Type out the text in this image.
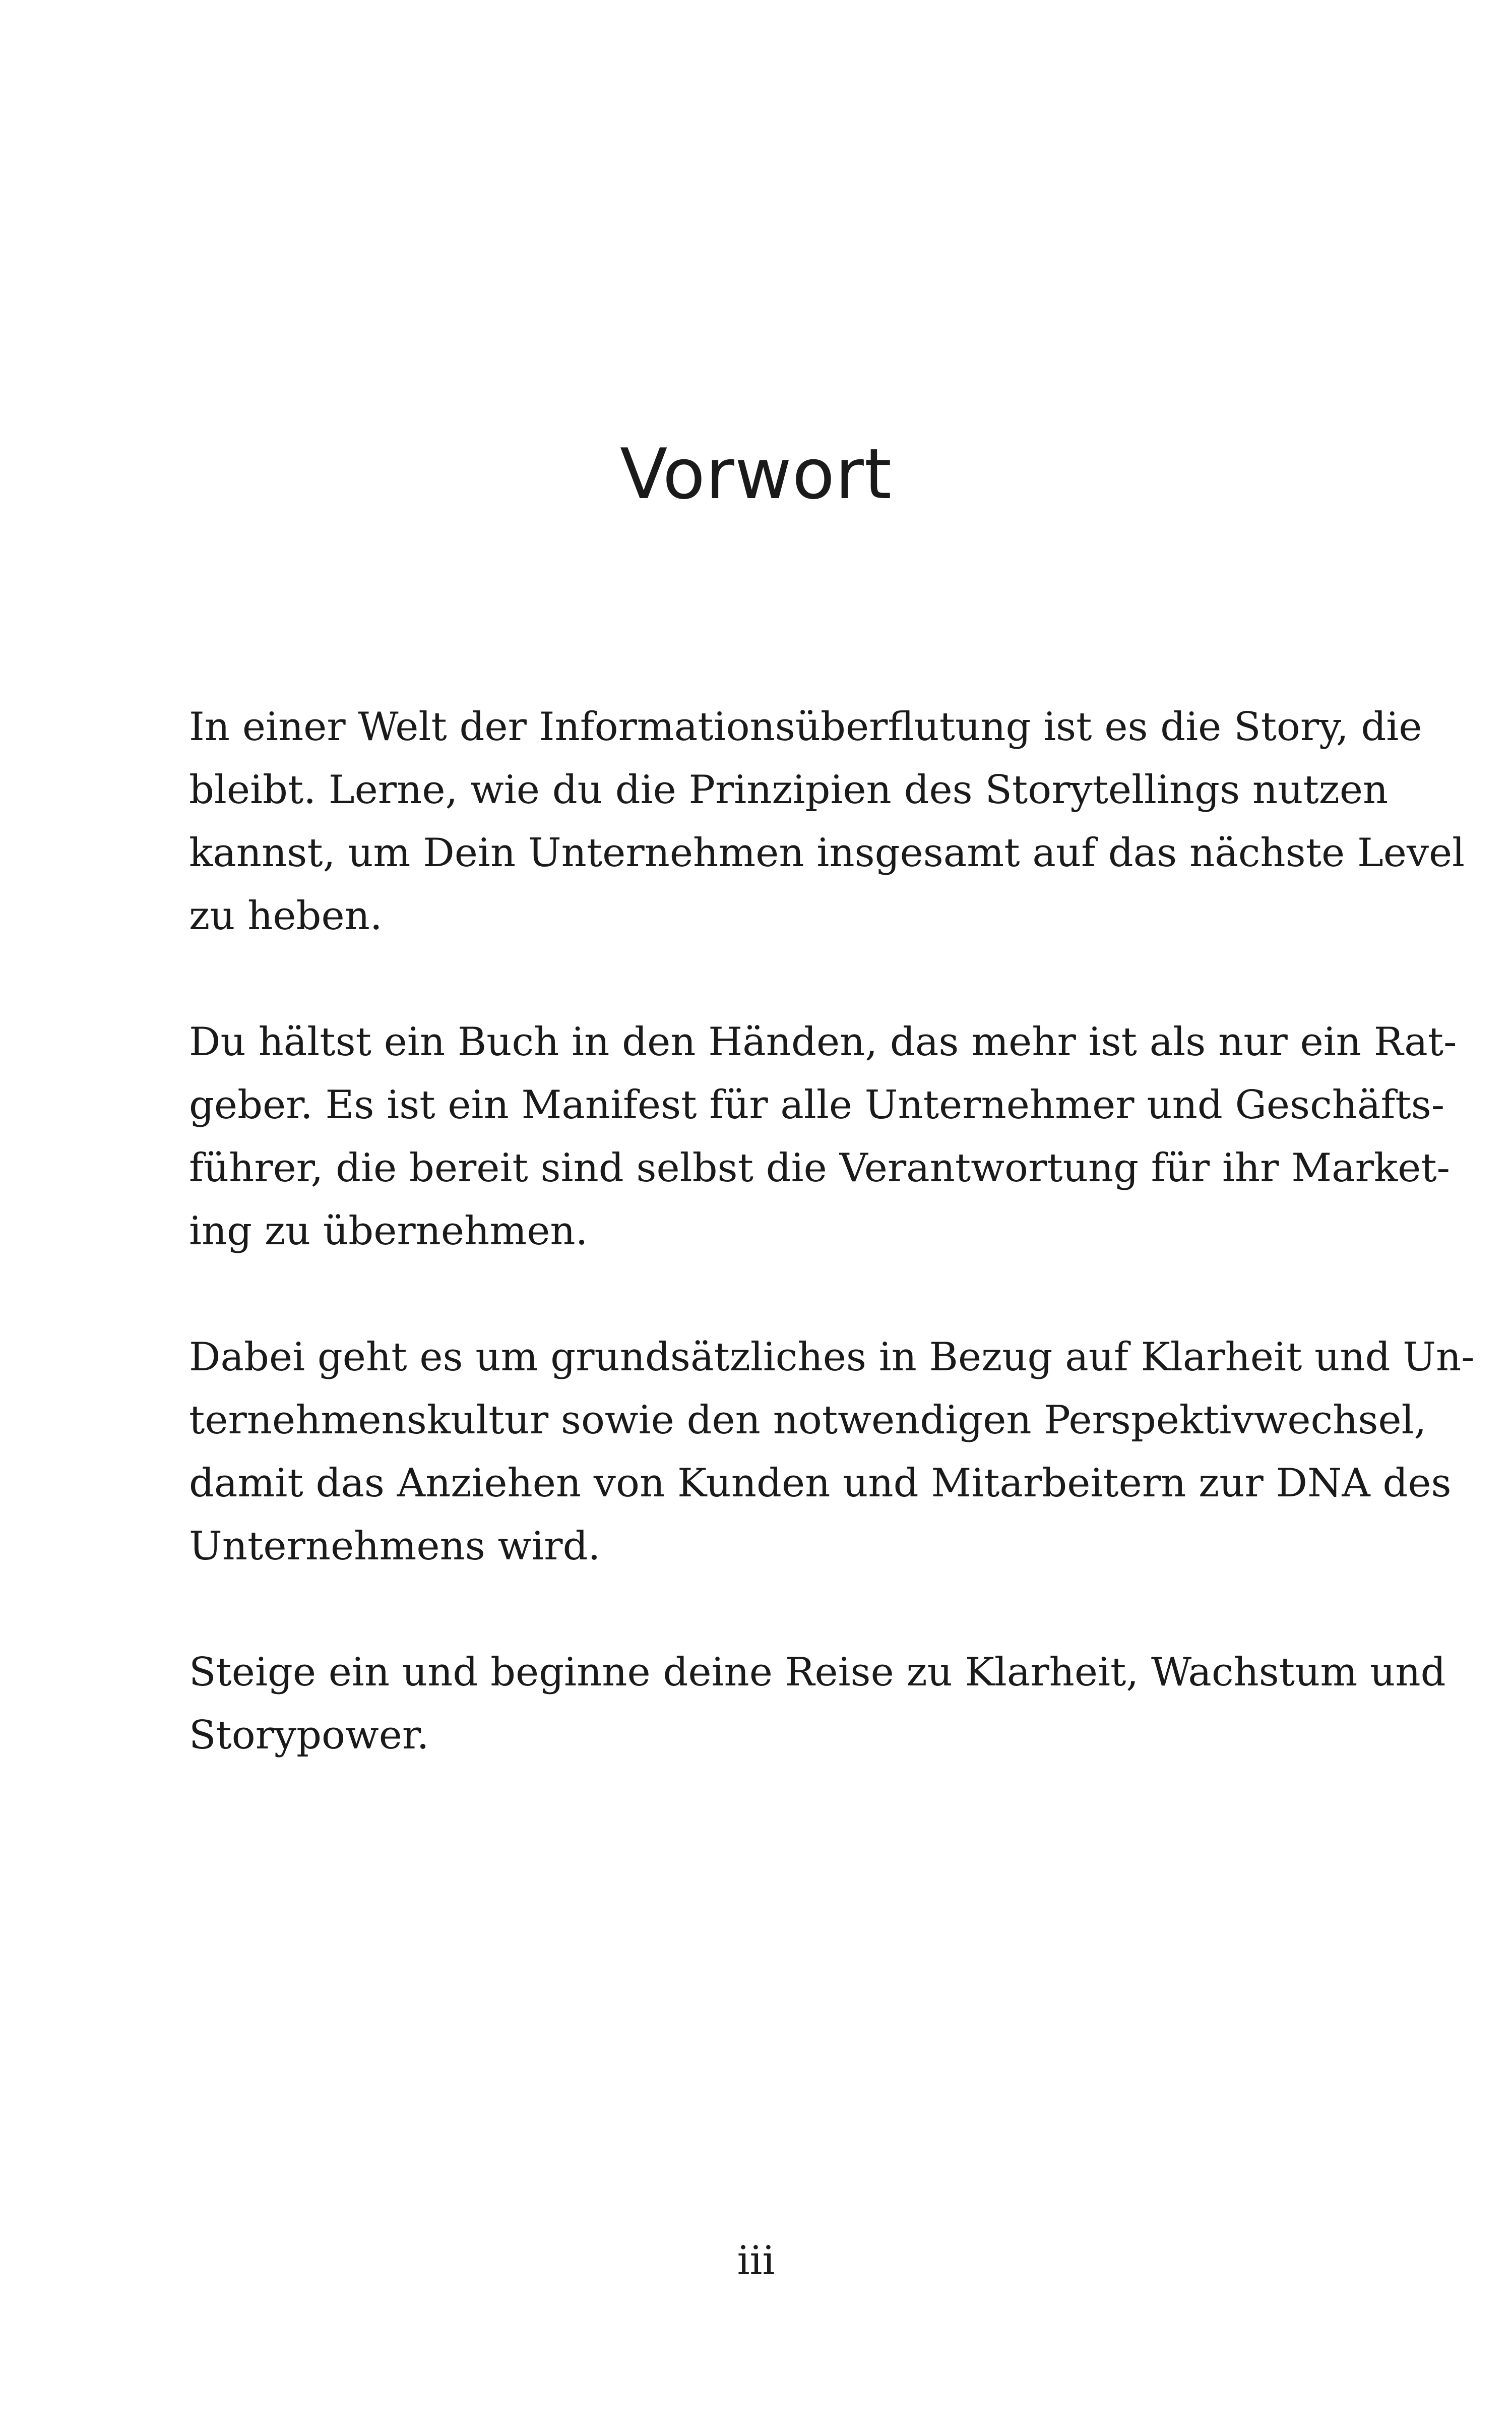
Vorwort

In einer Welt der Informationsüberflutung ist es die Story, die
bleibt. Lerne, wie du die Prinzipien des Storytellings nutzen
kannst, um Dein Unternehmen insgesamt auf das nächste Level
zu heben.

Du hältst ein Buch in den Händen, das mehr ist als nur ein Rat-
geber. Es ist ein Manifest für alle Unternehmer und Geschäfts-
führer, die bereit sind selbst die Verantwortung für ihr Market-
ing zu übernehmen.

Dabei geht es um grundsätzliches in Bezug auf Klarheit und Un-
ternehmenskultur sowie den notwendigen Perspektivwechsel,
damit das Anziehen von Kunden und Mitarbeitern zur DNA des
Unternehmens wird.

Steige ein und beginne deine Reise zu Klarheit, Wachstum und
Storypower.

iii
